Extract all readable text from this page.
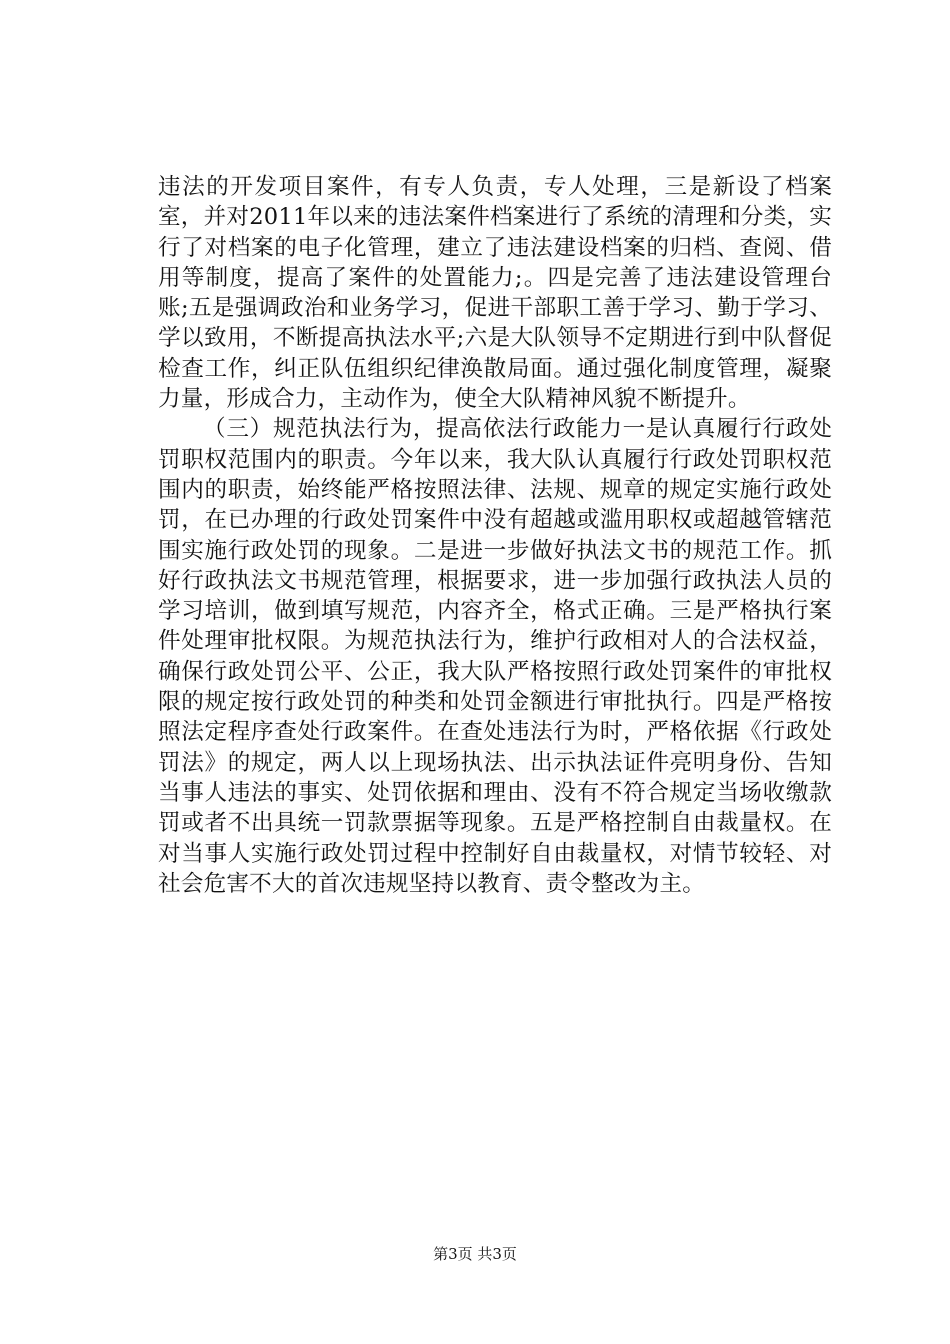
违法的开发项目案件，有专人负责，专人处理，三是新设了档案室，并对2011年以来的违法案件档案进行了系统的清理和分类，实行了对档案的电子化管理，建立了违法建设档案的归档、查阅、借用等制度，提高了案件的处置能力;。四是完善了违法建设管理台账;五是强调政治和业务学习，促进干部职工善于学习、勤于学习、学以致用，不断提高执法水平;六是大队领导不定期进行到中队督促检查工作，纠正队伍组织纪律涣散局面。通过强化制度管理，凝聚力量，形成合力，主动作为，使全大队精神风貌不断提升。

（三）规范执法行为，提高依法行政能力一是认真履行行政处罚职权范围内的职责。今年以来，我大队认真履行行政处罚职权范围内的职责，始终能严格按照法律、法规、规章的规定实施行政处罚，在已办理的行政处罚案件中没有超越或滥用职权或超越管辖范围实施行政处罚的现象。二是进一步做好执法文书的规范工作。抓好行政执法文书规范管理，根据要求，进一步加强行政执法人员的学习培训，做到填写规范，内容齐全，格式正确。三是严格执行案件处理审批权限。为规范执法行为，维护行政相对人的合法权益，确保行政处罚公平、公正，我大队严格按照行政处罚案件的审批权限的规定按行政处罚的种类和处罚金额进行审批执行。四是严格按照法定程序查处行政案件。在查处违法行为时，严格依据《行政处罚法》的规定，两人以上现场执法、出示执法证件亮明身份、告知当事人违法的事实、处罚依据和理由、没有不符合规定当场收缴款罚或者不出具统一罚款票据等现象。五是严格控制自由裁量权。在对当事人实施行政处罚过程中控制好自由裁量权，对情节较轻、对社会危害不大的首次违规坚持以教育、责令整改为主。

第3页 共3页
